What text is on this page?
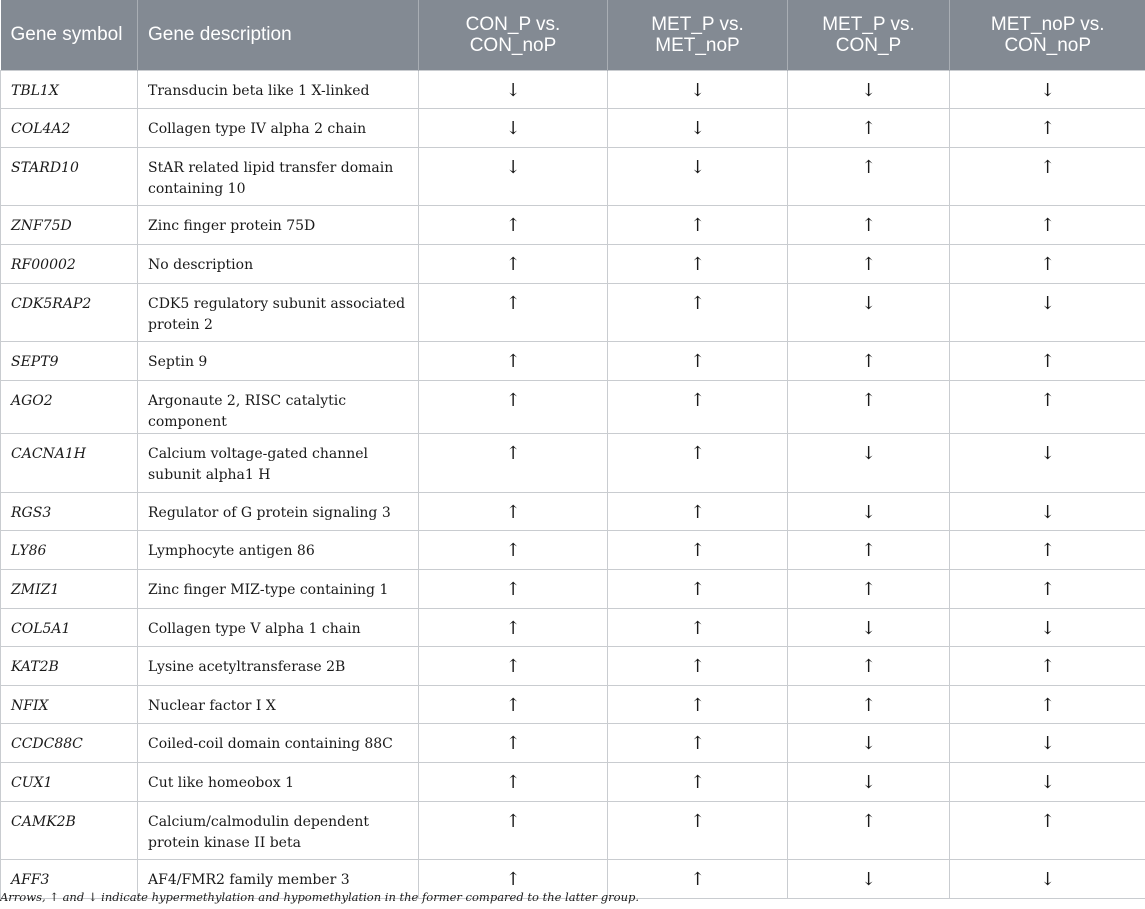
Gene symbol	Gene description	CON_P vs. CON_noP	MET_P vs. MET_noP	MET_P vs. CON_P	MET_noP vs. CON_noP
TBL1X	Transducin beta like 1 X-linked	↓	↓	↓	↓
COL4A2	Collagen type IV alpha 2 chain	↓	↓	↑	↑
STARD10	StAR related lipid transfer domain containing 10	↓	↓	↑	↑
ZNF75D	Zinc finger protein 75D	↑	↑	↑	↑
RF00002	No description	↑	↑	↑	↑
CDK5RAP2	CDK5 regulatory subunit associated protein 2	↑	↑	↓	↓
SEPT9	Septin 9	↑	↑	↑	↑
AGO2	Argonaute 2, RISC catalytic component	↑	↑	↑	↑
CACNA1H	Calcium voltage-gated channel subunit alpha1 H	↑	↑	↓	↓
RGS3	Regulator of G protein signaling 3	↑	↑	↓	↓
LY86	Lymphocyte antigen 86	↑	↑	↑	↑
ZMIZ1	Zinc finger MIZ-type containing 1	↑	↑	↑	↑
COL5A1	Collagen type V alpha 1 chain	↑	↑	↓	↓
KAT2B	Lysine acetyltransferase 2B	↑	↑	↑	↑
NFIX	Nuclear factor I X	↑	↑	↑	↑
CCDC88C	Coiled-coil domain containing 88C	↑	↑	↓	↓
CUX1	Cut like homeobox 1	↑	↑	↓	↓
CAMK2B	Calcium/calmodulin dependent protein kinase II beta	↑	↑	↑	↑
AFF3	AF4/FMR2 family member 3	↑	↑	↓	↓
Arrows, ↑ and ↓ indicate hypermethylation and hypomethylation in the former compared to the latter group.
